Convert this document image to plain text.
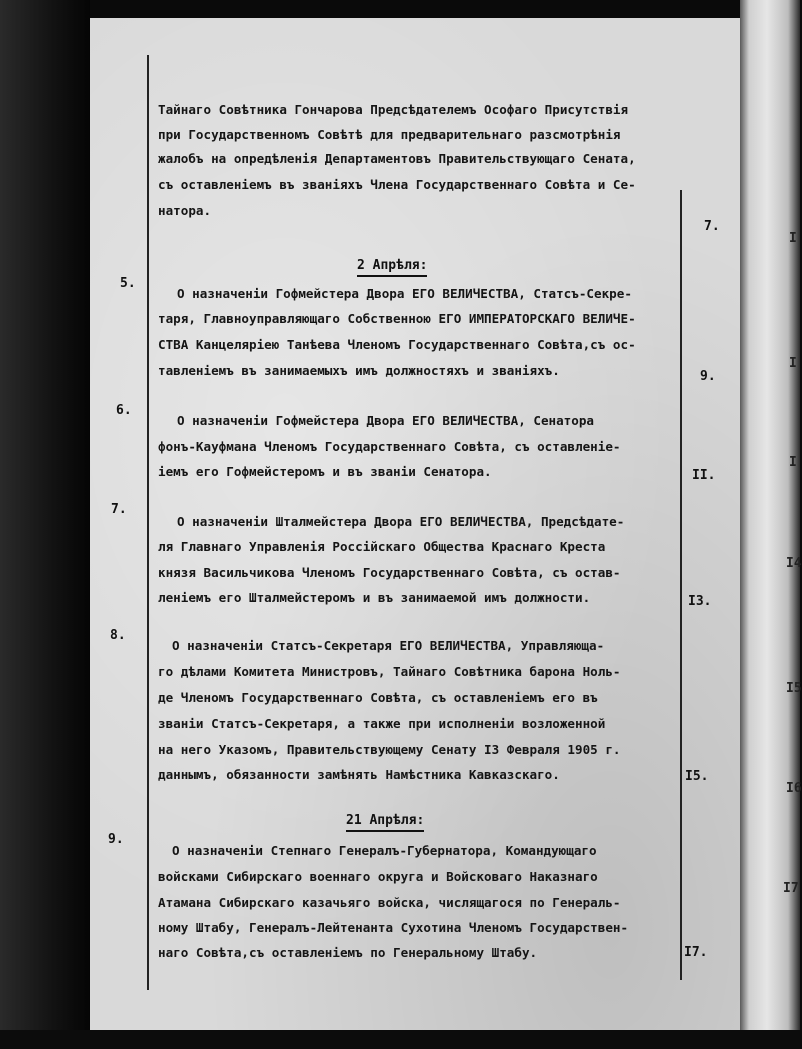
Тайнаго Совѣтника Гончарова Предсѣдателемъ Ософаго Присутствія
при Государственномъ Совѣтѣ для предварительнаго разсмотрѣнія
жалобъ на опредѣленія Департаментовъ Правительствующаго Сената,
съ оставленіемъ въ званіяхъ Члена Государственнаго Совѣта и Се-
натора.
7.
2 Апрѣля:
5.
О назначеніи Гофмейстера Двора ЕГО ВЕЛИЧЕСТВА, Статсъ-Секре-
таря, Главноуправляющаго Собственною ЕГО ИМПЕРАТОРСКАГО ВЕЛИЧЕ-
СТВА Канцеляріею Танѣева Членомъ Государственнаго Совѣта,съ ос-
тавленіемъ въ занимаемыхъ имъ должностяхъ и званіяхъ.	9.
6.
О назначеніи Гофмейстера Двора ЕГО ВЕЛИЧЕСТВА, Сенатора
фонъ-Кауфмана Членомъ Государственнаго Совѣта, съ оставленіе-
іемъ его Гофмейстеромъ и въ званіи Сенатора.	II.
7.
О назначеніи Шталмейстера Двора ЕГО ВЕЛИЧЕСТВА, Предсѣдате-
ля Главнаго Управленія Россійскаго Общества Краснаго Креста
князя Васильчикова Членомъ Государственнаго Совѣта, съ остав-
леніемъ его Шталмейстеромъ и въ занимаемой имъ должности.	I3.
8.
О назначеніи Статсъ-Секретаря ЕГО ВЕЛИЧЕСТВА, Управляюща-
го дѣлами Комитета Министровъ, Тайнаго Совѣтника барона Ноль-
де Членомъ Государственнаго Совѣта, съ оставленіемъ его въ
званіи Статсъ-Секретаря, а также при исполненіи возложенной
на него Указомъ, Правительствующему Сенату I3 Февраля 1905 г.
даннымъ, обязанности замѣнять Намѣстника Кавказскаго.	I5.
21 Апрѣля:
9.
О назначеніи Степнаго Генералъ-Губернатора, Командующаго
войсками Сибирскаго военнаго округа и Войсковаго Наказнаго
Атамана Сибирскаго казачьяго войска, числящагося по Генераль-
ному Штабу, Генералъ-Лейтенанта Сухотина Членомъ Государствен-
наго Совѣта,съ оставленіемъ по Генеральному Штабу.	I7.
I
I
I
I4
I5
I6
I7
